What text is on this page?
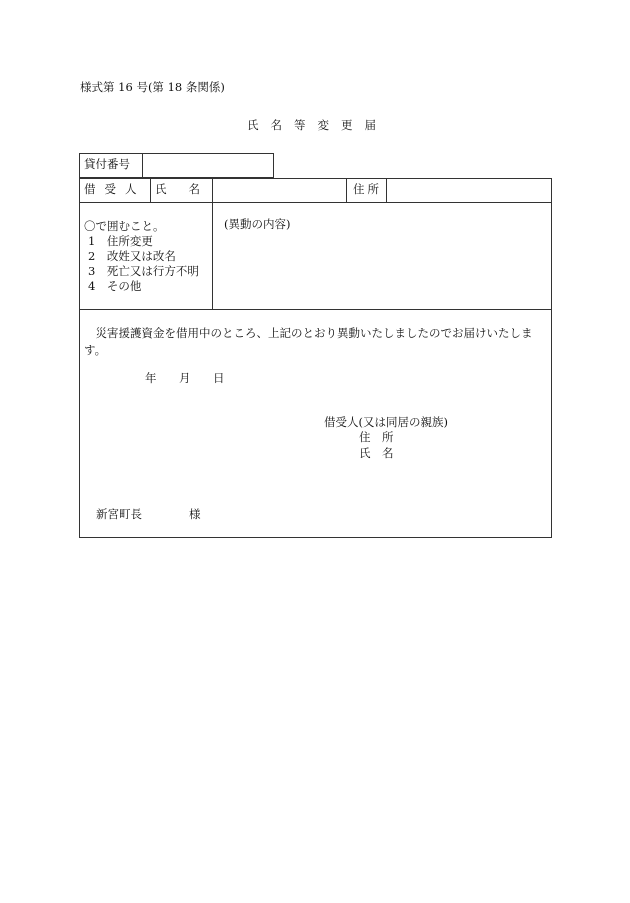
様式第 16 号(第 18 条関係)
氏名等変更届
貸付番号
借受人 氏名	住所
〇で囲むこと。
1　住所変更
2　改姓又は改名
3　死亡又は行方不明
4　その他
(異動の内容)
災害援護資金を借用中のところ、上記のとおり異動いたしましたのでお届けいたします。
年 月 日
借受人(又は同居の親族)
住　所
氏　名
新宮町長	様
